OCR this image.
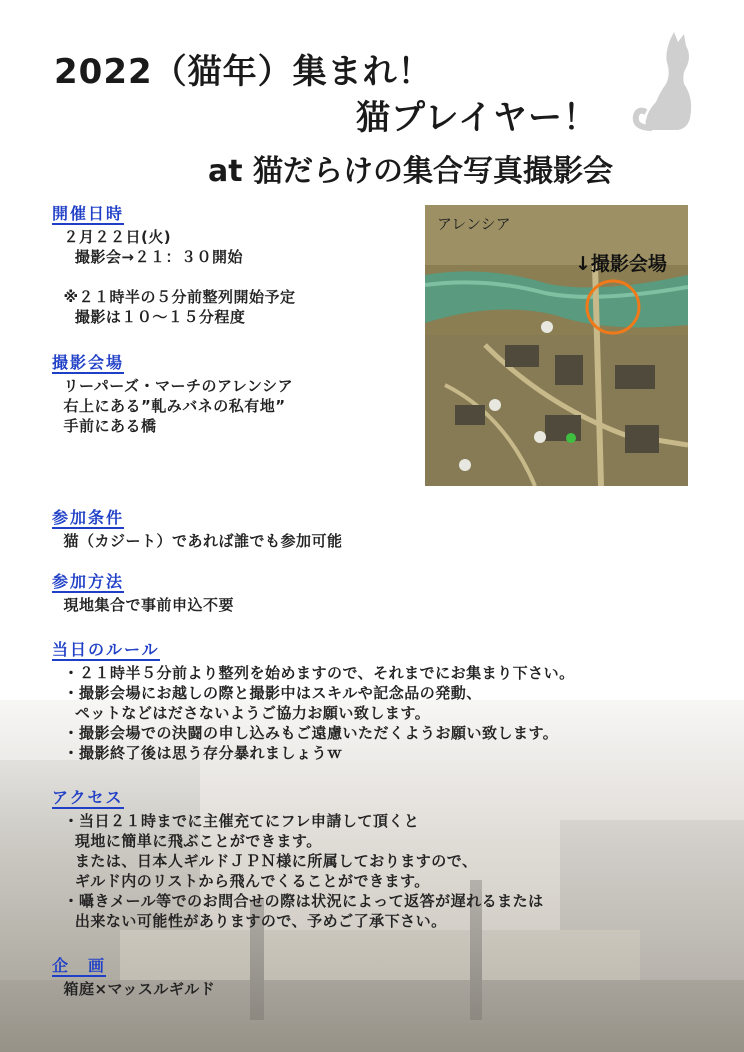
2022（猫年）集まれ！
猫プレイヤー！
at 猫だらけの集合写真撮影会
開催日時
２月２２日(火)
撮影会→２１：３０開始
※２１時半の５分前整列開始予定
撮影は１０～１５分程度
撮影会場
リーパーズ・マーチのアレンシア
右上にある”軋みバネの私有地”
手前にある橋
アレンシア
↓撮影会場
参加条件
猫（カジート）であれば誰でも参加可能
参加方法
現地集合で事前申込不要
当日のルール
・２１時半５分前より整列を始めますので、それまでにお集まり下さい。
・撮影会場にお越しの際と撮影中はスキルや記念品の発動、
ペットなどはださないようご協力お願い致します。
・撮影会場での決闘の申し込みもご遠慮いただくようお願い致します。
・撮影終了後は思う存分暴れましょうｗ
アクセス
・当日２１時までに主催充てにフレ申請して頂くと
現地に簡単に飛ぶことができます。
または、日本人ギルドＪＰＮ様に所属しておりますので、
ギルド内のリストから飛んでくることができます。
・囁きメール等でのお問合せの際は状況によって返答が遅れるまたは
出来ない可能性がありますので、予めご了承下さい。
企　画
箱庭×マッスルギルド
